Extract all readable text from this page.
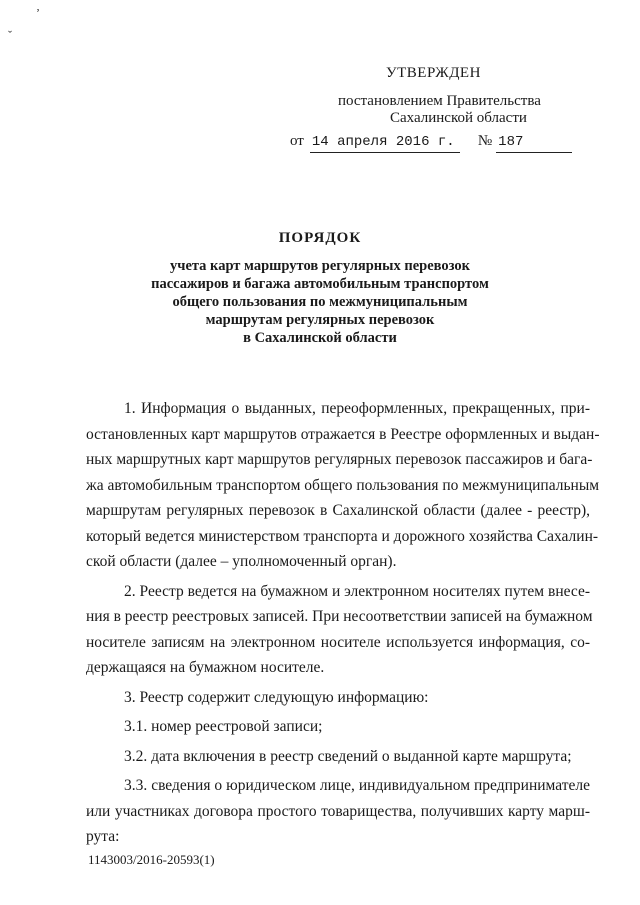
ʼ
ˇ
УТВЕРЖДЕН
постановлением Правительства
Сахалинской области
от 14 апреля 2016 г. № 187
ПОРЯДОК
учета карт маршрутов регулярных перевозок
пассажиров и багажа автомобильным транспортом
общего пользования по межмуниципальным
маршрутам регулярных перевозок
в Сахалинской области

1. Информация о выданных, переоформленных, прекращенных, при-
остановленных карт маршрутов отражается в Реестре оформленных и выдан-
ных маршрутных карт маршрутов регулярных перевозок пассажиров и бага-
жа автомобильным транспортом общего пользования по межмуниципальным
маршрутам регулярных перевозок в Сахалинской области (далее - реестр),
который ведется министерством транспорта и дорожного хозяйства Сахалин-
ской области (далее – уполномоченный орган).

2. Реестр ведется на бумажном и электронном носителях путем внесе-
ния в реестр реестровых записей. При несоответствии записей на бумажном
носителе записям на электронном носителе используется информация, со-
держащаяся на бумажном носителе.

3. Реестр содержит следующую информацию:

3.1. номер реестровой записи;

3.2. дата включения в реестр сведений о выданной карте маршрута;

3.3. сведения о юридическом лице, индивидуальном предпринимателе
или участниках договора простого товарищества, получивших карту марш-
рута:

1143003/2016-20593(1)
